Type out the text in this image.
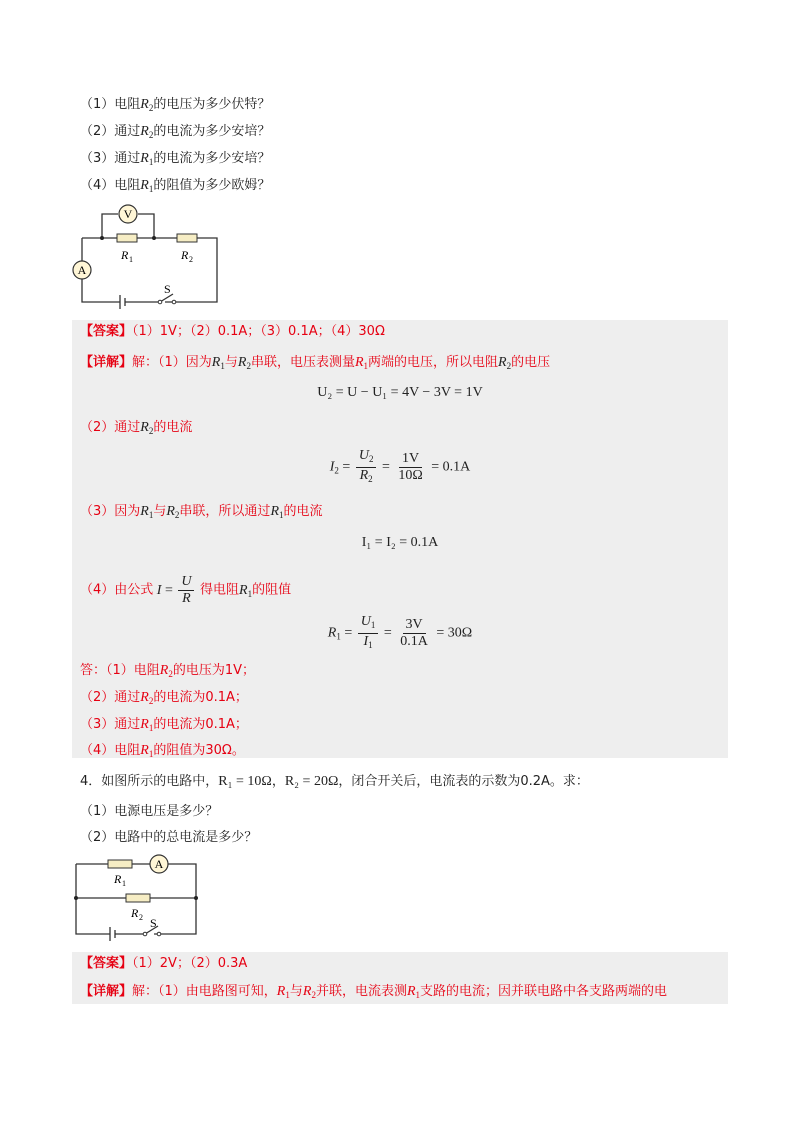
（1）电阻$R_2$的电压为多少伏特？
（2）通过$R_2$的电流为多少安培？
（3）通过$R_1$的电流为多少安培？
（4）电阻$R_1$的阻值为多少欧姆？
V
A
R 1	R 2
S
【答案】（1）1V；（2）0.1A；（3）0.1A；（4）30Ω
【详解】解：（1）因为$R_1$与$R_2$串联，电压表测量$R_1$两端的电压，所以电阻$R_2$的电压
U₂ = U − U₁ = 4V − 3V = 1V
（2）通过$R_2$的电流
$I_2 = \frac{U_2}{R_2} = \frac{1V}{10\Omega} = 0.1A$
（3）因为$R_1$与$R_2$串联，所以通过$R_1$的电流
I₁ = I₂ = 0.1A
（4）由公式 $I = \frac{U}{R}$ 得电阻$R_1$的阻值
$R_1 = \frac{U_1}{I_1} = \frac{3V}{0.1A} = 30\Omega$
答：（1）电阻$R_2$的电压为1V；
（2）通过$R_2$的电流为0.1A；
（3）通过$R_1$的电流为0.1A；
（4）电阻$R_1$的阻值为30Ω。
4．如图所示的电路中，R₁ = 10Ω，R₂ = 20Ω，闭合开关后，电流表的示数为0.2A。求：
（1）电源电压是多少？
（2）电路中的总电流是多少？
A
R 1
R 2 S
【答案】（1）2V；（2）0.3A
【详解】解：（1）由电路图可知，$R_1$与$R_2$并联，电流表测$R_1$支路的电流；因并联电路中各支路两端的电
